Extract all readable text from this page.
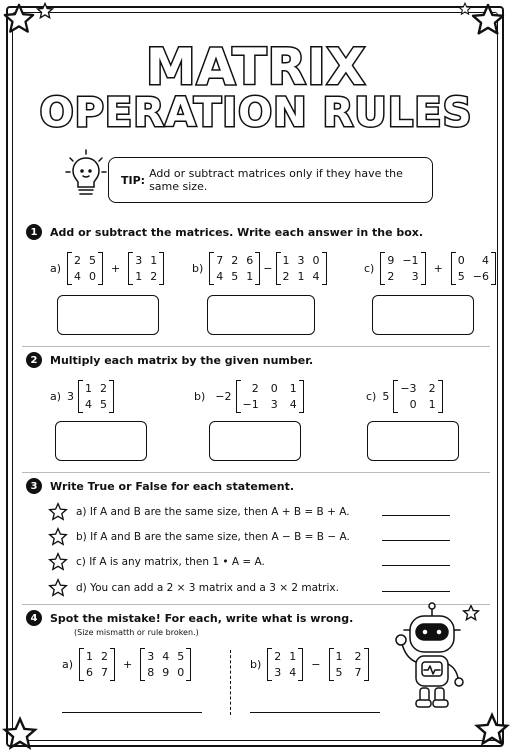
MATRIX
OPERATION RULES
TIP: Add or subtract matrices only if they have the same size.
1	Add or subtract the matrices. Write each answer in the box.
a)
2 5
4 0
+
3 1
1 2
b)
7 2 6
4 5 1
−
1 3 0
2 1 4
c)
9 −1
2	3
+
0	4
5 −6
2	Multiply each matrix by the given number.
a) 3
1 2
4 5
b) −2
2 0 1
−1 3 4
c) 5
−3 2
0 1
3	Write True or False for each statement.
a) If A and B are the same size, then A + B = B + A.
b) If A and B are the same size, then A − B = B − A.
c) If A is any matrix, then 1 • A = A.
d) You can add a 2 × 3 matrix and a 3 × 2 matrix.
4	Spot the mistake! For each, write what is wrong.
(Size mismatth or rule broken.)
a)
1 2
6 7
+
3 4 5
8 9 0
b)
2 1
3 4
−
1 2
5 7
